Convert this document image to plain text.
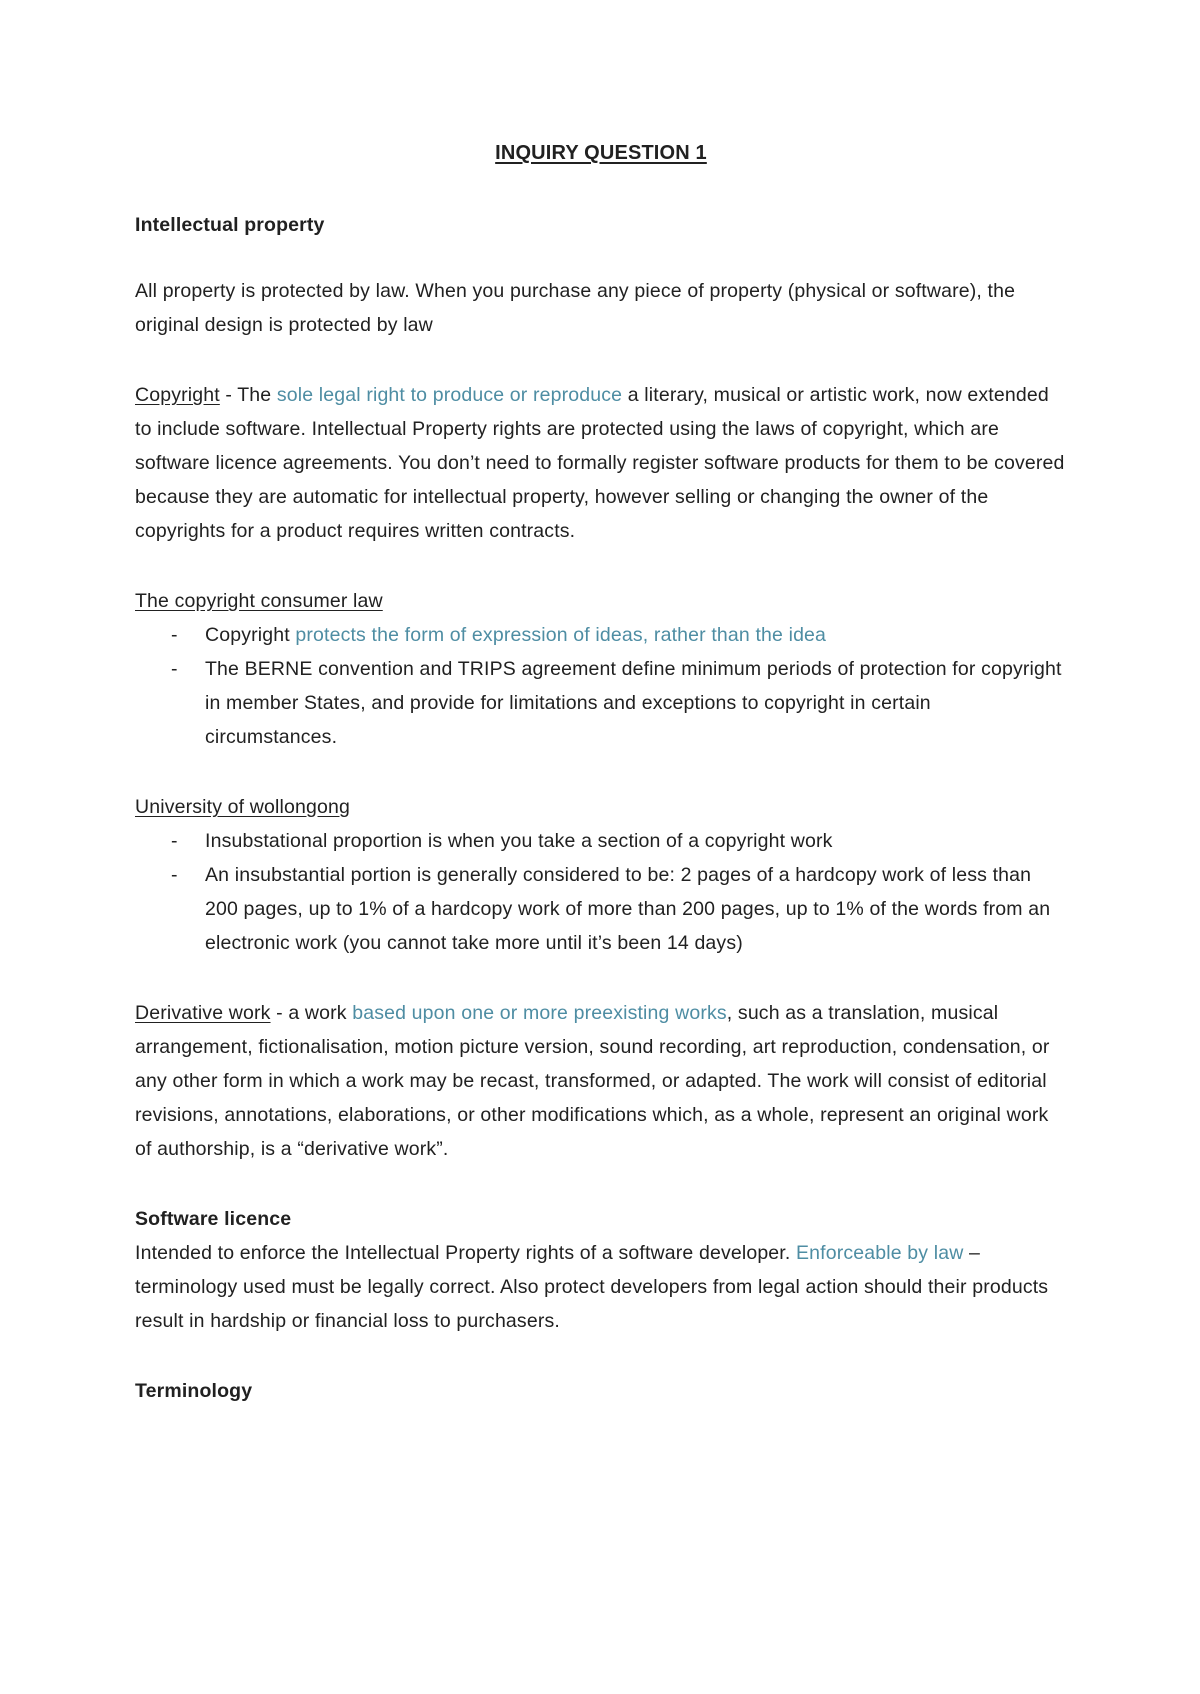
INQUIRY QUESTION 1
Intellectual property

All property is protected by law. When you purchase any piece of property (physical or software), the original design is protected by law

Copyright - The sole legal right to produce or reproduce a literary, musical or artistic work, now extended to include software. Intellectual Property rights are protected using the laws of copyright, which are software licence agreements. You don’t need to formally register software products for them to be covered because they are automatic for intellectual property, however selling or changing the owner of the copyrights for a product requires written contracts.

The copyright consumer law
-	Copyright protects the form of expression of ideas, rather than the idea
-	The BERNE convention and TRIPS agreement define minimum periods of protection for copyright in member States, and provide for limitations and exceptions to copyright in certain circumstances.
University of wollongong
-	Insubstational proportion is when you take a section of a copyright work
-	An insubstantial portion is generally considered to be: 2 pages of a hardcopy work of less than 200 pages, up to 1% of a hardcopy work of more than 200 pages, up to 1% of the words from an electronic work (you cannot take more until it’s been 14 days)

Derivative work - a work based upon one or more preexisting works, such as a translation, musical arrangement, fictionalisation, motion picture version, sound recording, art reproduction, condensation, or any other form in which a work may be recast, transformed, or adapted. The work will consist of editorial revisions, annotations, elaborations, or other modifications which, as a whole, represent an original work of authorship, is a “derivative work”.

Software licence

Intended to enforce the Intellectual Property rights of a software developer. Enforceable by law – terminology used must be legally correct. Also protect developers from legal action should their products result in hardship or financial loss to purchasers.

Terminology
